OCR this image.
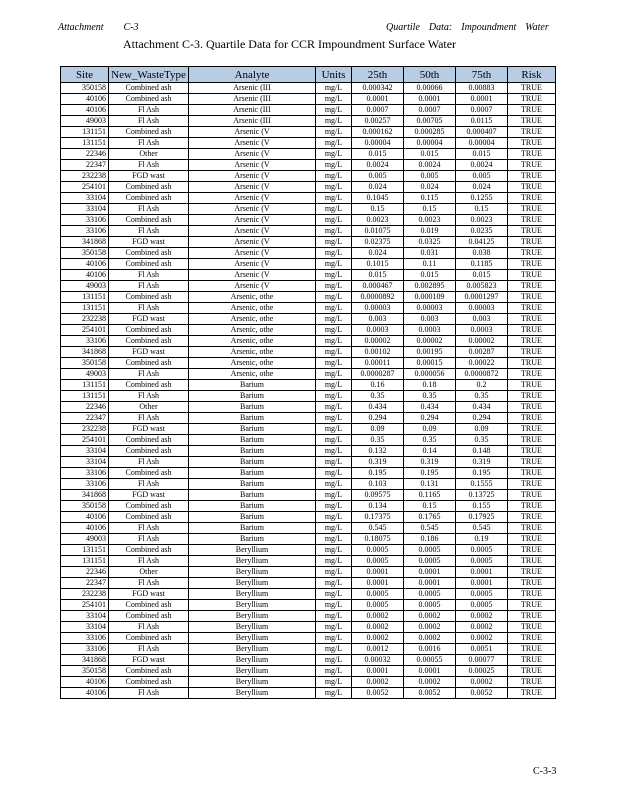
Attachment C-3	Quartile Data: Impoundment Water
Attachment C-3. Quartile Data for CCR Impoundment Surface Water
Site	New_WasteType	Analyte	Units	25th	50th	75th	Risk
350158	Combined ash	Arsenic (III	mg/L	0.000342	0.00066	0.00883	TRUE
40106	Combined ash	Arsenic (III	mg/L	0.0001	0.0001	0.0001	TRUE
40106	Fl Ash	Arsenic (III	mg/L	0.0007	0.0007	0.0007	TRUE
49003	Fl Ash	Arsenic (III	mg/L	0.00257	0.00705	0.0115	TRUE
131151	Combined ash	Arsenic (V	mg/L	0.000162	0.000285	0.000407	TRUE
131151	Fl Ash	Arsenic (V	mg/L	0.00004	0.00004	0.00004	TRUE
22346	Other	Arsenic (V	mg/L	0.015	0.015	0.015	TRUE
22347	Fl Ash	Arsenic (V	mg/L	0.0024	0.0024	0.0024	TRUE
232238	FGD wast	Arsenic (V	mg/L	0.005	0.005	0.005	TRUE
254101	Combined ash	Arsenic (V	mg/L	0.024	0.024	0.024	TRUE
33104	Combined ash	Arsenic (V	mg/L	0.1045	0.115	0.1255	TRUE
33104	Fl Ash	Arsenic (V	mg/L	0.15	0.15	0.15	TRUE
33106	Combined ash	Arsenic (V	mg/L	0.0023	0.0023	0.0023	TRUE
33106	Fl Ash	Arsenic (V	mg/L	0.01075	0.019	0.0235	TRUE
341868	FGD wast	Arsenic (V	mg/L	0.02375	0.0325	0.04125	TRUE
350158	Combined ash	Arsenic (V	mg/L	0.024	0.031	0.038	TRUE
40106	Combined ash	Arsenic (V	mg/L	0.1015	0.11	0.1185	TRUE
40106	Fl Ash	Arsenic (V	mg/L	0.015	0.015	0.015	TRUE
49003	Fl Ash	Arsenic (V	mg/L	0.000467	0.002895	0.005823	TRUE
131151	Combined ash	Arsenic, othe	mg/L	0.0000892	0.000109	0.0001297	TRUE
131151	Fl Ash	Arsenic, othe	mg/L	0.00003	0.00003	0.00003	TRUE
232238	FGD wast	Arsenic, othe	mg/L	0.003	0.003	0.003	TRUE
254101	Combined ash	Arsenic, othe	mg/L	0.0003	0.0003	0.0003	TRUE
33106	Combined ash	Arsenic, othe	mg/L	0.00002	0.00002	0.00002	TRUE
341868	FGD wast	Arsenic, othe	mg/L	0.00102	0.00195	0.00287	TRUE
350158	Combined ash	Arsenic, othe	mg/L	0.00011	0.00015	0.00022	TRUE
49003	Fl Ash	Arsenic, othe	mg/L	0.0000287	0.000056	0.0000872	TRUE
131151	Combined ash	Barium	mg/L	0.16	0.18	0.2	TRUE
131151	Fl Ash	Barium	mg/L	0.35	0.35	0.35	TRUE
22346	Other	Barium	mg/L	0.434	0.434	0.434	TRUE
22347	Fl Ash	Barium	mg/L	0.294	0.294	0.294	TRUE
232238	FGD wast	Barium	mg/L	0.09	0.09	0.09	TRUE
254101	Combined ash	Barium	mg/L	0.35	0.35	0.35	TRUE
33104	Combined ash	Barium	mg/L	0.132	0.14	0.148	TRUE
33104	Fl Ash	Barium	mg/L	0.319	0.319	0.319	TRUE
33106	Combined ash	Barium	mg/L	0.195	0.195	0.195	TRUE
33106	Fl Ash	Barium	mg/L	0.103	0.131	0.1555	TRUE
341868	FGD wast	Barium	mg/L	0.09575	0.1165	0.13725	TRUE
350158	Combined ash	Barium	mg/L	0.134	0.15	0.155	TRUE
40106	Combined ash	Barium	mg/L	0.17375	0.1765	0.17925	TRUE
40106	Fl Ash	Barium	mg/L	0.545	0.545	0.545	TRUE
49003	Fl Ash	Barium	mg/L	0.18075	0.186	0.19	TRUE
131151	Combined ash	Beryllium	mg/L	0.0005	0.0005	0.0005	TRUE
131151	Fl Ash	Beryllium	mg/L	0.0005	0.0005	0.0005	TRUE
22346	Other	Beryllium	mg/L	0.0001	0.0001	0.0001	TRUE
22347	Fl Ash	Beryllium	mg/L	0.0001	0.0001	0.0001	TRUE
232238	FGD wast	Beryllium	mg/L	0.0005	0.0005	0.0005	TRUE
254101	Combined ash	Beryllium	mg/L	0.0005	0.0005	0.0005	TRUE
33104	Combined ash	Beryllium	mg/L	0.0002	0.0002	0.0002	TRUE
33104	Fl Ash	Beryllium	mg/L	0.0002	0.0002	0.0002	TRUE
33106	Combined ash	Beryllium	mg/L	0.0002	0.0002	0.0002	TRUE
33106	Fl Ash	Beryllium	mg/L	0.0012	0.0016	0.0051	TRUE
341868	FGD wast	Beryllium	mg/L	0.00032	0.00055	0.00077	TRUE
350158	Combined ash	Beryllium	mg/L	0.0001	0.0001	0.00025	TRUE
40106	Combined ash	Beryllium	mg/L	0.0002	0.0002	0.0002	TRUE
40106	Fl Ash	Beryllium	mg/L	0.0052	0.0052	0.0052	TRUE
C-3-3
